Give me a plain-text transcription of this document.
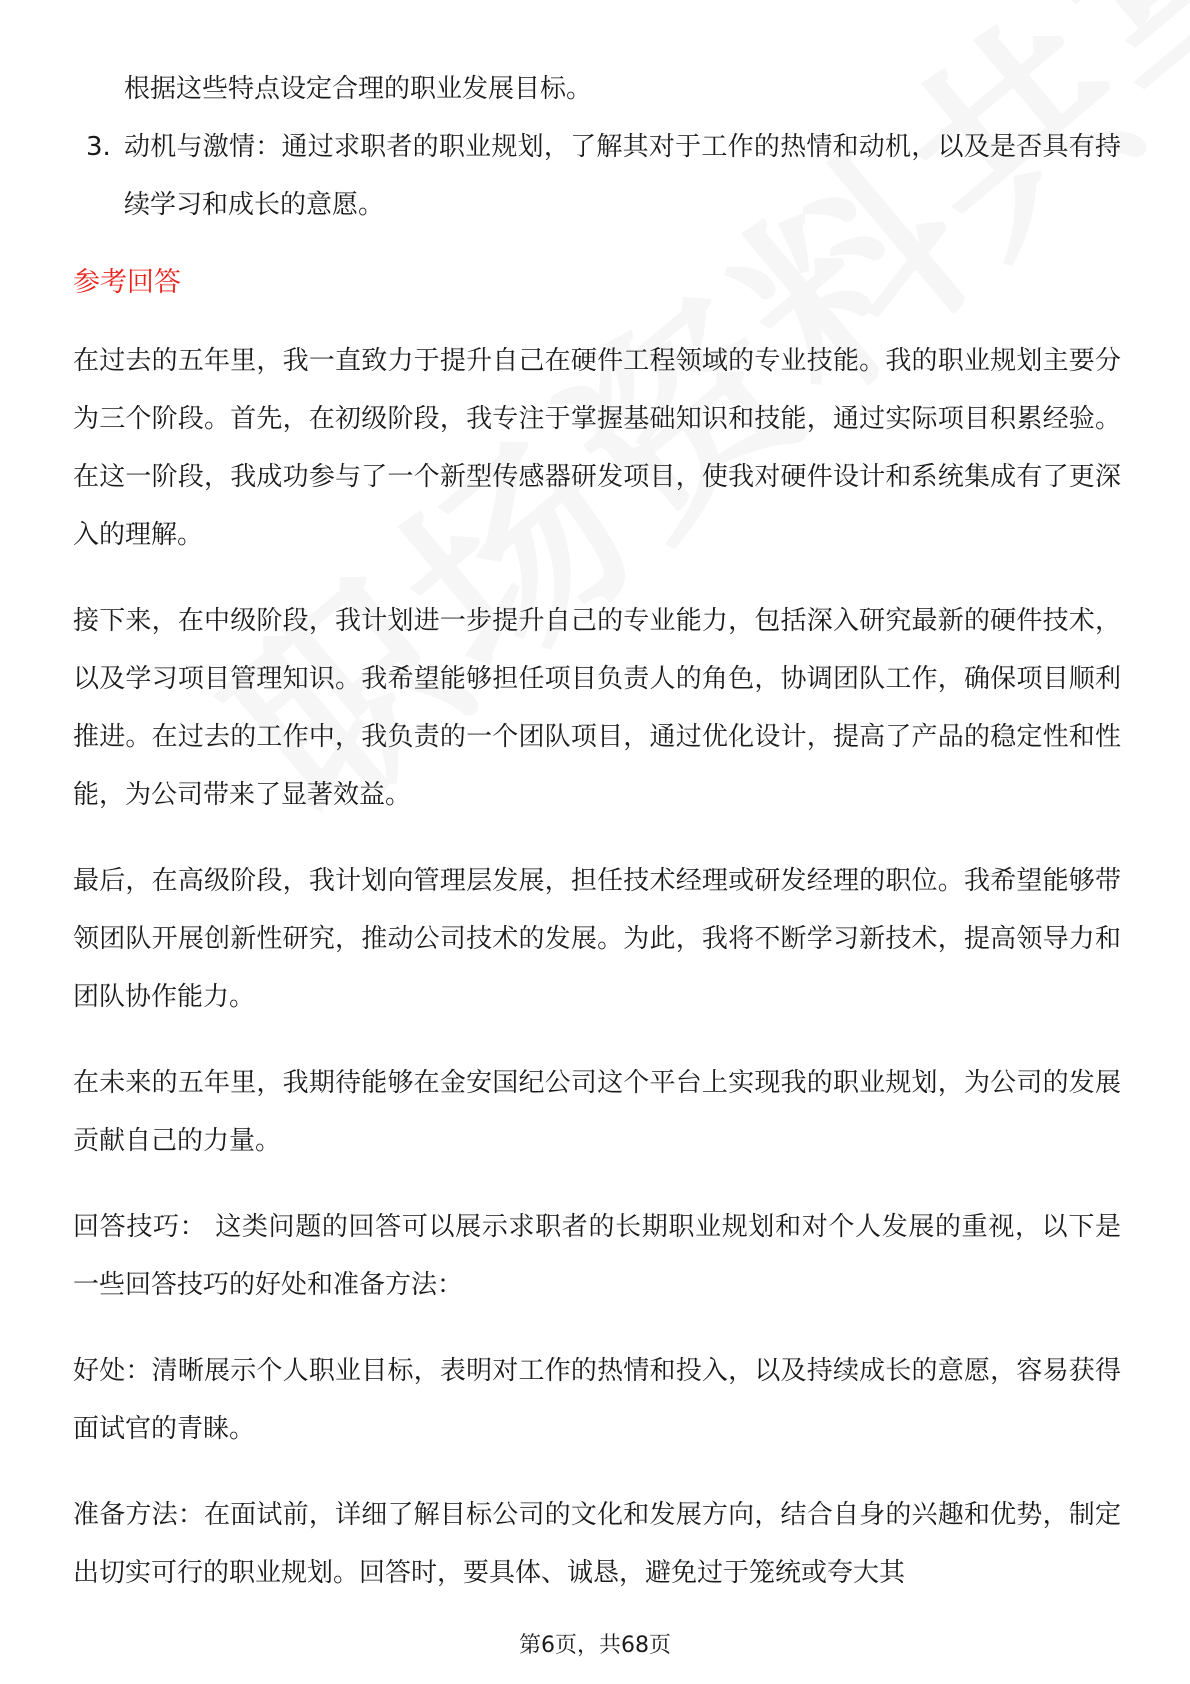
根据这些特点设定合理的职业发展目标。

3. 动机与激情：通过求职者的职业规划，了解其对于工作的热情和动机，以及是否具有持续学习和成长的意愿。
参考回答

在过去的五年里，我一直致力于提升自己在硬件工程领域的专业技能。我的职业规划主要分为三个阶段。首先，在初级阶段，我专注于掌握基础知识和技能，通过实际项目积累经验。在这一阶段，我成功参与了一个新型传感器研发项目，使我对硬件设计和系统集成有了更深入的理解。

接下来，在中级阶段，我计划进一步提升自己的专业能力，包括深入研究最新的硬件技术，以及学习项目管理知识。我希望能够担任项目负责人的角色，协调团队工作，确保项目顺利推进。在过去的工作中，我负责的一个团队项目，通过优化设计，提高了产品的稳定性和性能，为公司带来了显著效益。

最后，在高级阶段，我计划向管理层发展，担任技术经理或研发经理的职位。我希望能够带领团队开展创新性研究，推动公司技术的发展。为此，我将不断学习新技术，提高领导力和团队协作能力。

在未来的五年里，我期待能够在金安国纪公司这个平台上实现我的职业规划，为公司的发展贡献自己的力量。

回答技巧： 这类问题的回答可以展示求职者的长期职业规划和对个人发展的重视，以下是一些回答技巧的好处和准备方法：

好处：清晰展示个人职业目标，表明对工作的热情和投入，以及持续成长的意愿，容易获得面试官的青睐。

准备方法：在面试前，详细了解目标公司的文化和发展方向，结合自身的兴趣和优势，制定出切实可行的职业规划。回答时，要具体、诚恳，避免过于笼统或夸大其

第6页，共68页
